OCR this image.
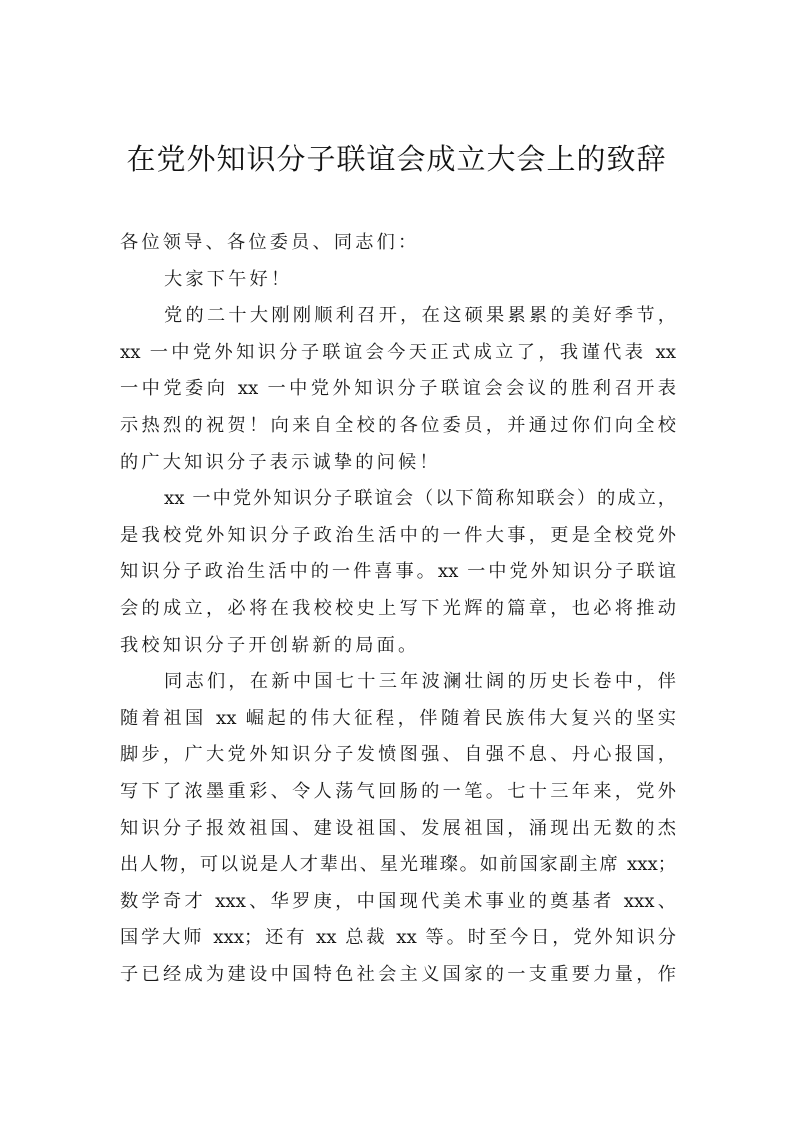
在党外知识分子联谊会成立大会上的致辞
各位领导、各位委员、同志们：
大家下午好！
党的二十大刚刚顺利召开，在这硕果累累的美好季节，
xx 一中党外知识分子联谊会今天正式成立了，我谨代表 xx
一中党委向 xx 一中党外知识分子联谊会会议的胜利召开表
示热烈的祝贺！向来自全校的各位委员，并通过你们向全校
的广大知识分子表示诚挚的问候！
xx 一中党外知识分子联谊会（以下简称知联会）的成立，
是我校党外知识分子政治生活中的一件大事，更是全校党外
知识分子政治生活中的一件喜事。xx 一中党外知识分子联谊
会的成立，必将在我校校史上写下光辉的篇章，也必将推动
我校知识分子开创崭新的局面。
同志们，在新中国七十三年波澜壮阔的历史长卷中，伴
随着祖国 xx 崛起的伟大征程，伴随着民族伟大复兴的坚实
脚步，广大党外知识分子发愤图强、自强不息、丹心报国，
写下了浓墨重彩、令人荡气回肠的一笔。七十三年来，党外
知识分子报效祖国、建设祖国、发展祖国，涌现出无数的杰
出人物，可以说是人才辈出、星光璀璨。如前国家副主席 xxx；
数学奇才 xxx、华罗庚，中国现代美术事业的奠基者 xxx、
国学大师 xxx；还有 xx 总裁 xx 等。时至今日，党外知识分
子已经成为建设中国特色社会主义国家的一支重要力量，作
